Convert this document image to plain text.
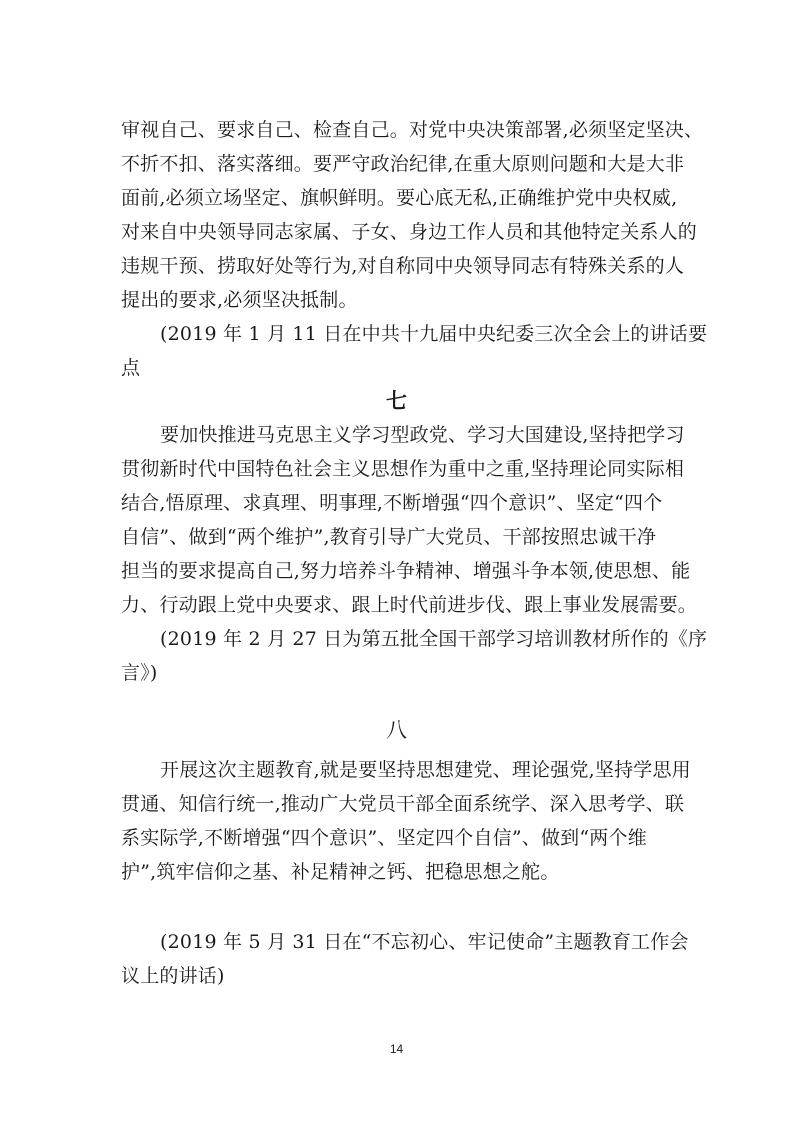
审视自己、要求自己、检查自己。对党中央决策部署,必须坚定坚决、
不折不扣、落实落细。要严守政治纪律,在重大原则问题和大是大非
面前,必须立场坚定、旗帜鲜明。要心底无私,正确维护党中央权威,
对来自中央领导同志家属、子女、身边工作人员和其他特定关系人的
违规干预、捞取好处等行为,对自称同中央领导同志有特殊关系的人
提出的要求,必须坚决抵制。
(2019 年 1 月 11 日在中共十九届中央纪委三次全会上的讲话要
点
七
要加快推进马克思主义学习型政党、学习大国建设,坚持把学习
贯彻新时代中国特色社会主义思想作为重中之重,坚持理论同实际相
结合,悟原理、求真理、明事理,不断增强“四个意识”、坚定“四个
自信”、做到“两个维护”,教育引导广大党员、干部按照忠诚干净
担当的要求提高自己,努力培养斗争精神、增强斗争本领,使思想、能
力、行动跟上党中央要求、跟上时代前进步伐、跟上事业发展需要。
(2019 年 2 月 27 日为第五批全国干部学习培训教材所作的《序
言》)
八
开展这次主题教育,就是要坚持思想建党、理论强党,坚持学思用
贯通、知信行统一,推动广大党员干部全面系统学、深入思考学、联
系实际学,不断增强“四个意识”、坚定四个自信”、做到“两个维
护”,筑牢信仰之基、补足精神之钙、把稳思想之舵。
(2019 年 5 月 31 日在“不忘初心、牢记使命”主题教育工作会
议上的讲话)
14
